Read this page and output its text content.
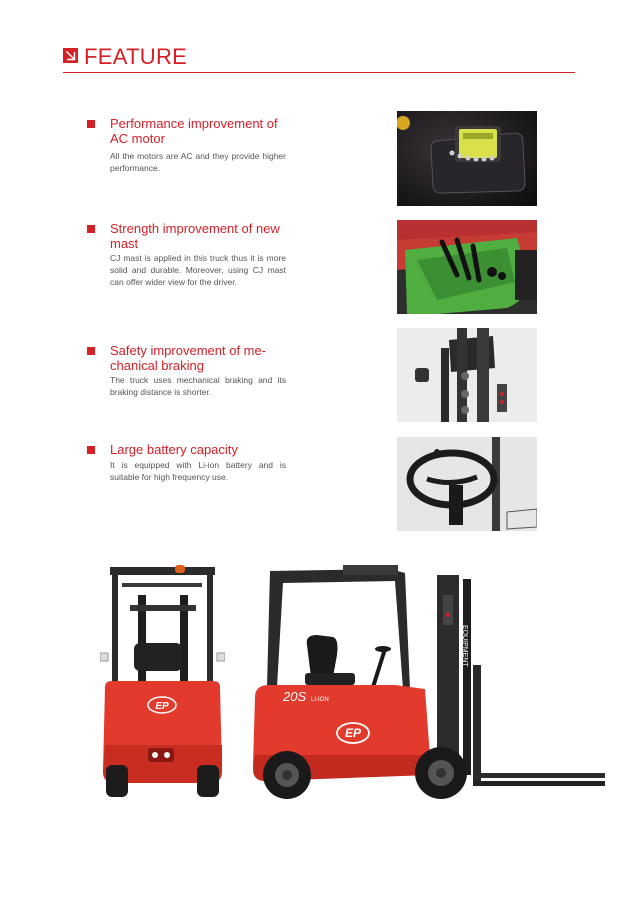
FEATURE
Performance improvement of AC motor
All the motors are AC and they provide higher performance.
Strength improvement of new mast
CJ mast is applied in this truck thus it is more solid and durable. Moreover, using CJ mast can offer wider view for the driver.
Safety improvement of me-chanical braking
The truck uses mechanical braking and its braking distance is shorter.
Large battery capacity
It is equipped with Li-ion battery and is suitable for high frequency use.
EP
20S LI-ION
EP
EQUIPMENT
